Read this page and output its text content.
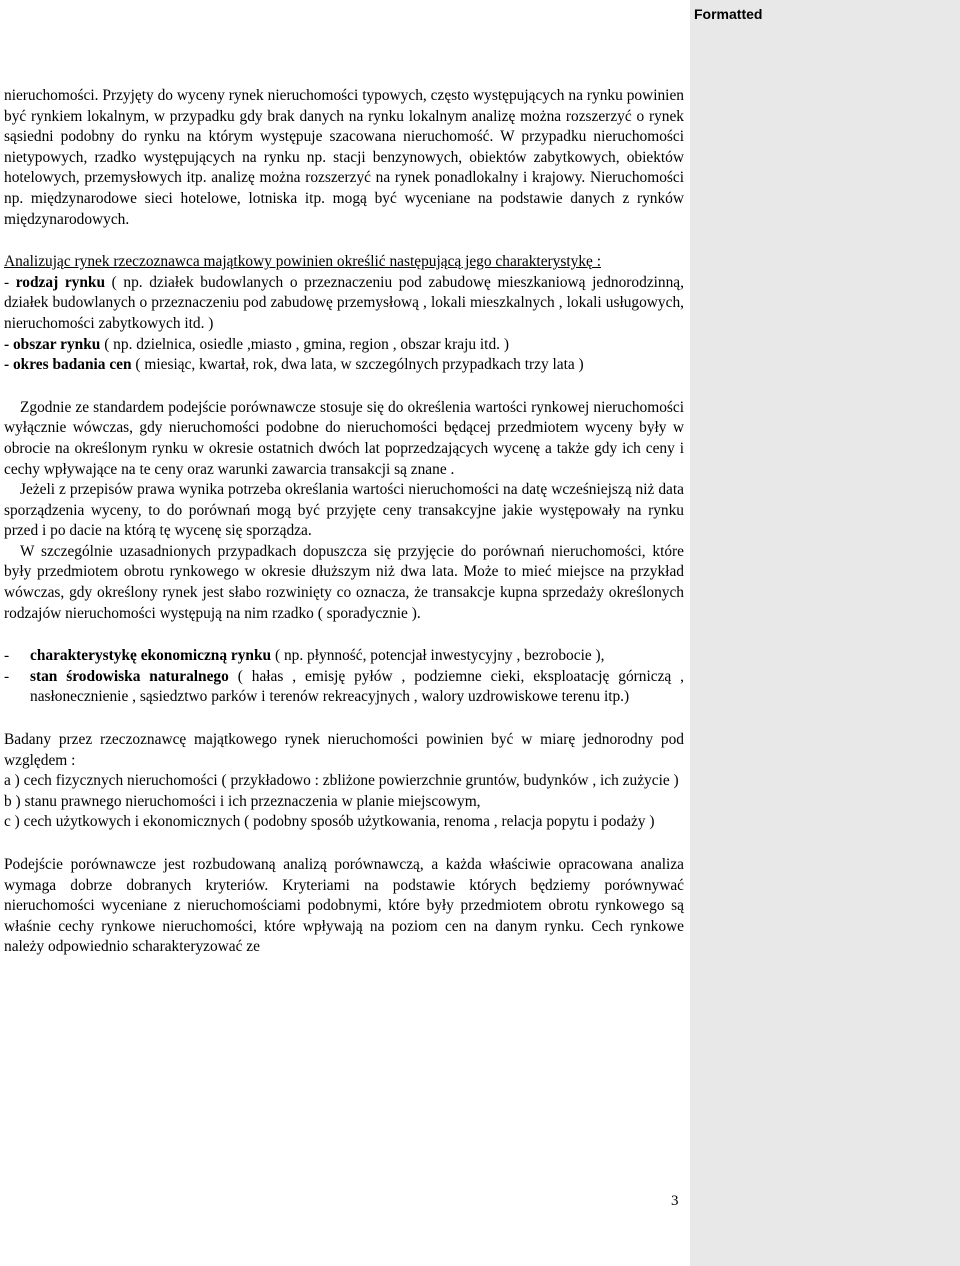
Formatted

nieruchomości. Przyjęty do wyceny rynek nieruchomości typowych, często występujących na rynku powinien być rynkiem lokalnym, w przypadku gdy brak danych na rynku lokalnym analizę można rozszerzyć o rynek sąsiedni podobny do rynku na którym występuje szacowana nieruchomość. W przypadku nieruchomości nietypowych, rzadko występujących na rynku np. stacji benzynowych, obiektów zabytkowych, obiektów hotelowych, przemysłowych itp. analizę można rozszerzyć na rynek ponadlokalny i krajowy. Nieruchomości np. międzynarodowe sieci hotelowe, lotniska itp. mogą być wyceniane na podstawie danych z rynków międzynarodowych.

Analizując rynek rzeczoznawca majątkowy powinien określić następującą jego charakterystykę :

- rodzaj rynku ( np. działek budowlanych o przeznaczeniu pod zabudowę mieszkaniową jednorodzinną, działek budowlanych o przeznaczeniu pod zabudowę przemysłową , lokali mieszkalnych , lokali usługowych, nieruchomości zabytkowych itd. )

- obszar rynku ( np. dzielnica, osiedle ,miasto , gmina, region , obszar kraju itd. )

- okres badania cen ( miesiąc, kwartał, rok, dwa lata, w szczególnych przypadkach trzy lata )

Zgodnie ze standardem podejście porównawcze stosuje się do określenia wartości rynkowej nieruchomości wyłącznie wówczas, gdy nieruchomości podobne do nieruchomości będącej przedmiotem wyceny były w obrocie na określonym rynku w okresie ostatnich dwóch lat poprzedzających wycenę a także gdy ich ceny i cechy wpływające na te ceny oraz warunki zawarcia transakcji są znane .

Jeżeli z przepisów prawa wynika potrzeba określania wartości nieruchomości na datę wcześniejszą niż data sporządzenia wyceny, to do porównań mogą być przyjęte ceny transakcyjne jakie występowały na rynku przed i po dacie na którą tę wycenę się sporządza.

W szczególnie uzasadnionych przypadkach dopuszcza się przyjęcie do porównań nieruchomości, które były przedmiotem obrotu rynkowego w okresie dłuższym niż dwa lata. Może to mieć miejsce na przykład wówczas, gdy określony rynek jest słabo rozwinięty co oznacza, że transakcje kupna sprzedaży określonych rodzajów nieruchomości występują na nim rzadko ( sporadycznie ).

-	charakterystykę ekonomiczną rynku ( np. płynność, potencjał inwestycyjny , bezrobocie ),
-	stan środowiska naturalnego ( hałas , emisję pyłów , podziemne cieki, eksploatację górniczą , nasłonecznienie , sąsiedztwo parków i terenów rekreacyjnych , walory uzdrowiskowe terenu itp.)

Badany przez rzeczoznawcę majątkowego rynek nieruchomości powinien być w miarę jednorodny pod względem :

a ) cech fizycznych nieruchomości ( przykładowo : zbliżone powierzchnie gruntów, budynków , ich zużycie )

b ) stanu prawnego nieruchomości i ich przeznaczenia w planie miejscowym,

c ) cech użytkowych i ekonomicznych ( podobny sposób użytkowania, renoma , relacja popytu i podaży )

Podejście porównawcze jest rozbudowaną analizą porównawczą, a każda właściwie opracowana analiza wymaga dobrze dobranych kryteriów. Kryteriami na podstawie których będziemy porównywać nieruchomości wyceniane z nieruchomościami podobnymi, które były przedmiotem obrotu rynkowego są właśnie cechy rynkowe nieruchomości, które wpływają na poziom cen na danym rynku. Cech rynkowe należy odpowiednio scharakteryzować ze

3
